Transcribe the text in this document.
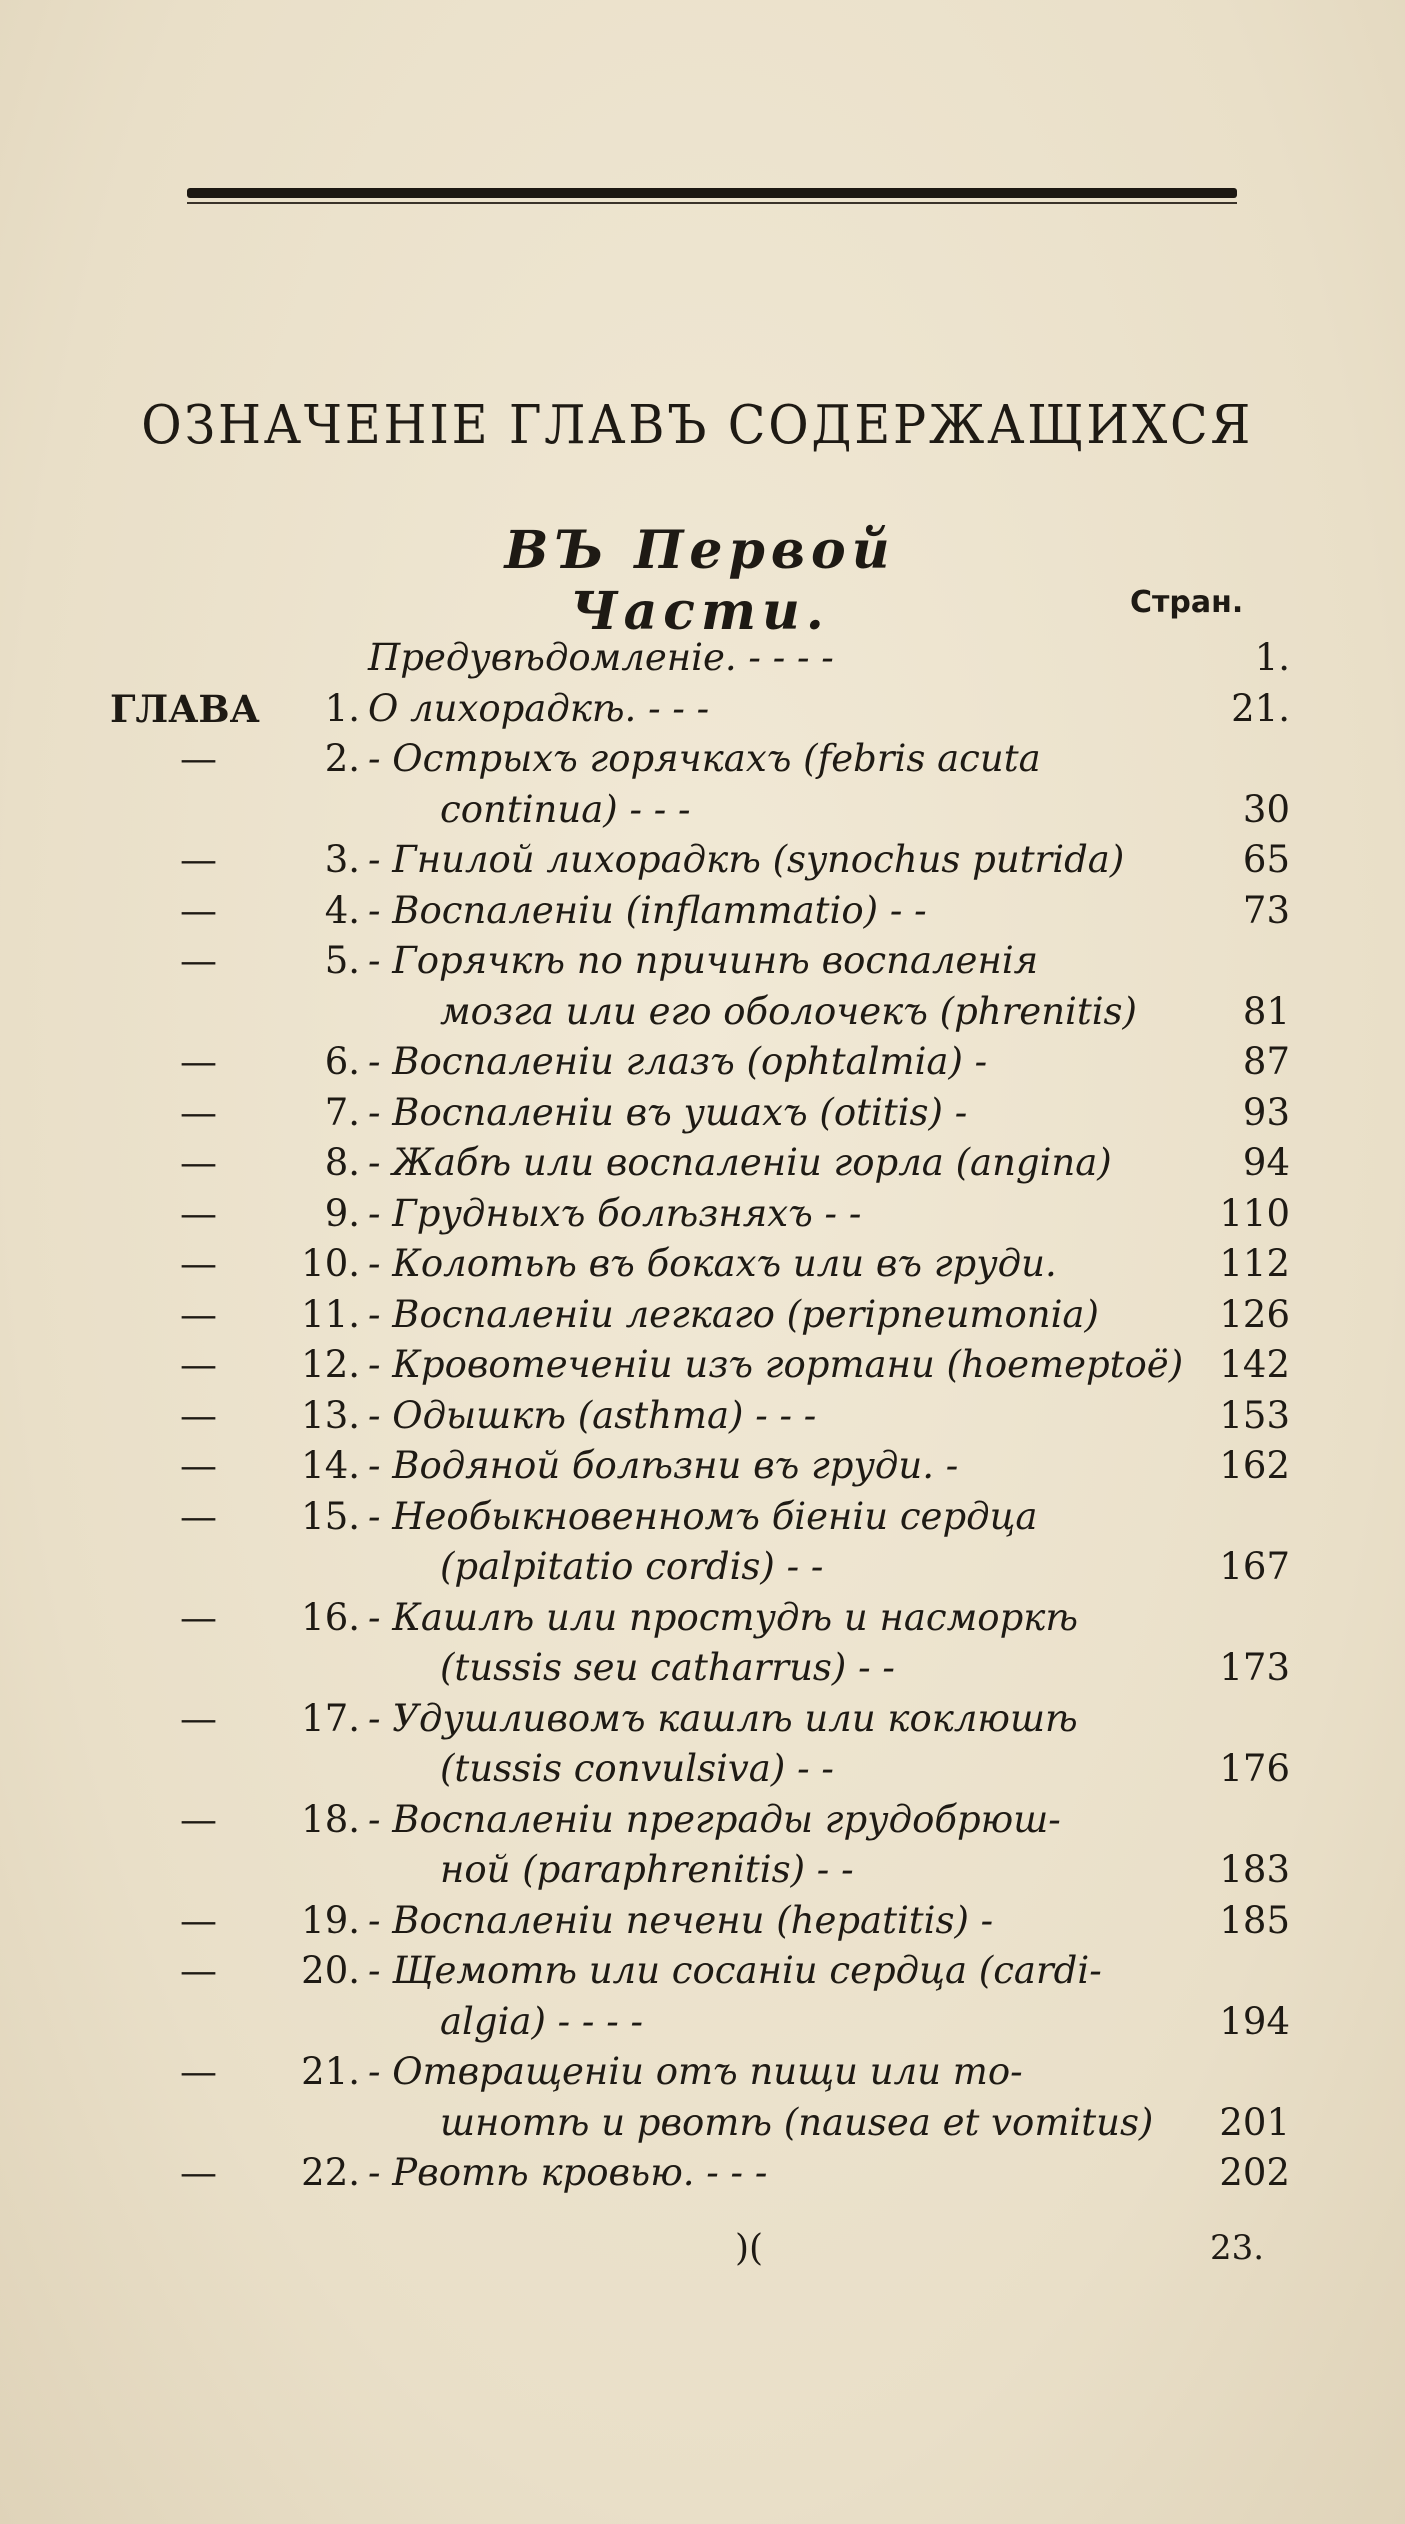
ОЗНАЧЕНІЕ ГЛАВЪ СОДЕРЖАЩИХСЯ
ВЪ Первой Части.	Стран.
Предувѣдомленіе. - - - -	1.
ГЛАВА	1. О лихорадкѣ. - - -	21.
—	2. - Острыхъ горячкахъ (febris acuta
continua) - - -	30
—	3. - Гнилой лихорадкѣ (synochus putrida)	65
—	4. - Воспаленіи (inflammatio) - -	73
—	5. - Горячкѣ по причинѣ воспаленія
мозга или его оболочекъ (phrenitis)	81
—	6. - Воспаленіи глазъ (ophtalmia) -	87
—	7. - Воспаленіи въ ушахъ (otitis) -	93
—	8. - Жабѣ или воспаленіи горла (angina)	94
—	9. - Грудныхъ болѣзняхъ - -	110
—	10. - Колотьѣ въ бокахъ или въ груди.	112
—	11. - Воспаленіи легкаго (peripneumonia)	126
—	12. - Кровотеченіи изъ гортани (hoemeptoë) 142
—	13. - Одышкѣ (asthma) - - -	153
—	14. - Водяной болѣзни въ груди. -	162
—	15. - Необыкновенномъ біеніи сердца
(palpitatio cordis) - -	167
—	16. - Кашлѣ или простудѣ и насморкѣ
(tussis seu catharrus) - -	173
—	17. - Удушливомъ кашлѣ или коклюшѣ
(tussis convulsiva) - -	176
—	18. - Воспаленіи преграды грудобрюш-
ной (paraphrenitis) - -	183
—	19. - Воспаленіи печени (hepatitis) -	185
—	20. - Щемотѣ или сосаніи сердца (cardi-
algia) - - - -	194
—	21. - Отвращеніи отъ пищи или то-
шнотѣ и рвотѣ (nausea et vomitus)	201
—	22. - Рвотѣ кровью. - - -	202
)(	23.
